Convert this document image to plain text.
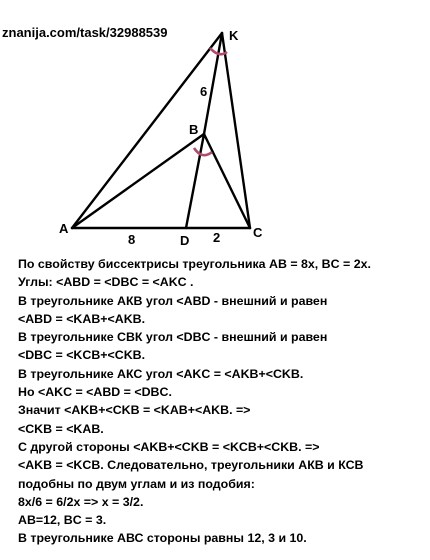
znanija.com/task/32988539	K
B
A
D
C
8	2
6
По свойству биссектрисы треугольника AB = 8x, BC = 2x.
Углы: <ABD = <DBC = <AKC .
В треугольнике АКВ угол <ABD - внешний и равен
<ABD = <KAB+<AKB.
В треугольнике СВК угол <DBC - внешний и равен
<DBC = <KCB+<CKB.
В треугольнике АКС угол <AKC = <AKB+<CKB.
Но <AKC = <ABD = <DBC.
Значит <AKB+<CKB = <KAB+<AKB. =>
<CKB = <KAB.
С другой стороны <AKB+<CKB = <KCB+<CKB. =>
<AKB = <KCB. Следовательно, треугольники АКВ и КСВ
подобны по двум углам и из подобия:
8x/6 = 6/2x => x = 3/2.
AB=12, BC = 3.
В треугольнике АВС стороны равны 12, 3 и 10.
